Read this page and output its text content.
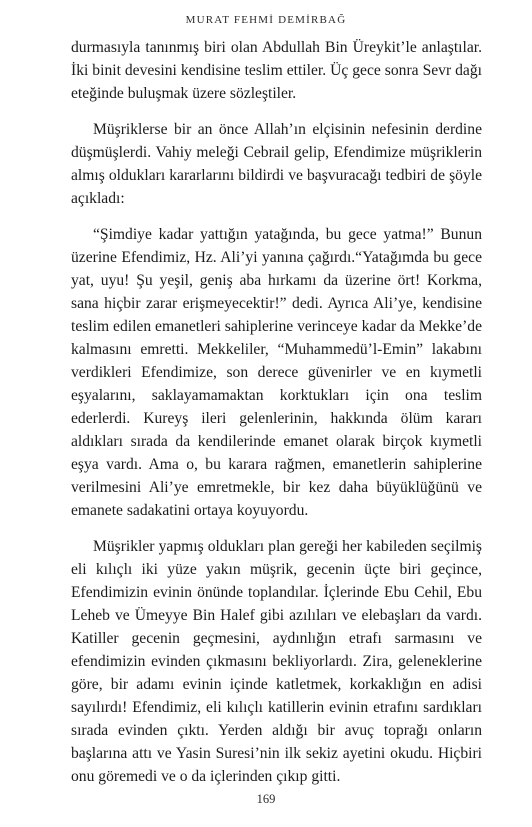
MURAT FEHMİ DEMİRBAĞ

durmasıyla tanınmış biri olan Abdullah Bin Üreykit’le anlaştılar. İki binit devesini kendisine teslim ettiler. Üç gece sonra Sevr dağı eteğinde buluşmak üzere sözleştiler.

Müşriklerse bir an önce Allah’ın elçisinin nefesinin derdine düşmüşlerdi. Vahiy meleği Cebrail gelip, Efendimize müşriklerin almış oldukları kararlarını bildirdi ve başvuracağı tedbiri de şöyle açıkladı:

“Şimdiye kadar yattığın yatağında, bu gece yatma!” Bunun üzerine Efendimiz, Hz. Ali’yi yanına çağırdı.“Yatağımda bu gece yat, uyu! Şu yeşil, geniş aba hırkamı da üzerine ört! Korkma, sana hiçbir zarar erişmeyecektir!” dedi. Ayrıca Ali’ye, kendisine teslim edilen emanetleri sahiplerine verinceye kadar da Mekke’de kalmasını emretti. Mekkeliler, “Muhammedü’l-Emin” lakabını verdikleri Efendimize, son derece güvenirler ve en kıymetli eşyalarını, saklayamamaktan korktukları için ona teslim ederlerdi. Kureyş ileri gelenlerinin, hakkında ölüm kararı aldıkları sırada da kendilerinde emanet olarak birçok kıymetli eşya vardı. Ama o, bu karara rağmen, emanetlerin sahiplerine verilmesini Ali’ye emretmekle, bir kez daha büyüklüğünü ve emanete sadakatini ortaya koyuyordu.

Müşrikler yapmış oldukları plan gereği her kabileden seçilmiş eli kılıçlı iki yüze yakın müşrik, gecenin üçte biri geçince, Efendimizin evinin önünde toplandılar. İçlerinde Ebu Cehil, Ebu Leheb ve Ümeyye Bin Halef gibi azılıları ve elebaşları da vardı. Katiller gecenin geçmesini, aydınlığın etrafı sarmasını ve efendimizin evinden çıkmasını bekliyorlardı. Zira, geleneklerine göre, bir adamı evinin içinde katletmek, korkaklığın en adisi sayılırdı! Efendimiz, eli kılıçlı katillerin evinin etrafını sardıkları sırada evinden çıktı. Yerden aldığı bir avuç toprağı onların başlarına attı ve Yasin Suresi’nin ilk sekiz ayetini okudu. Hiçbiri onu göremedi ve o da içlerinden çıkıp gitti.

169
